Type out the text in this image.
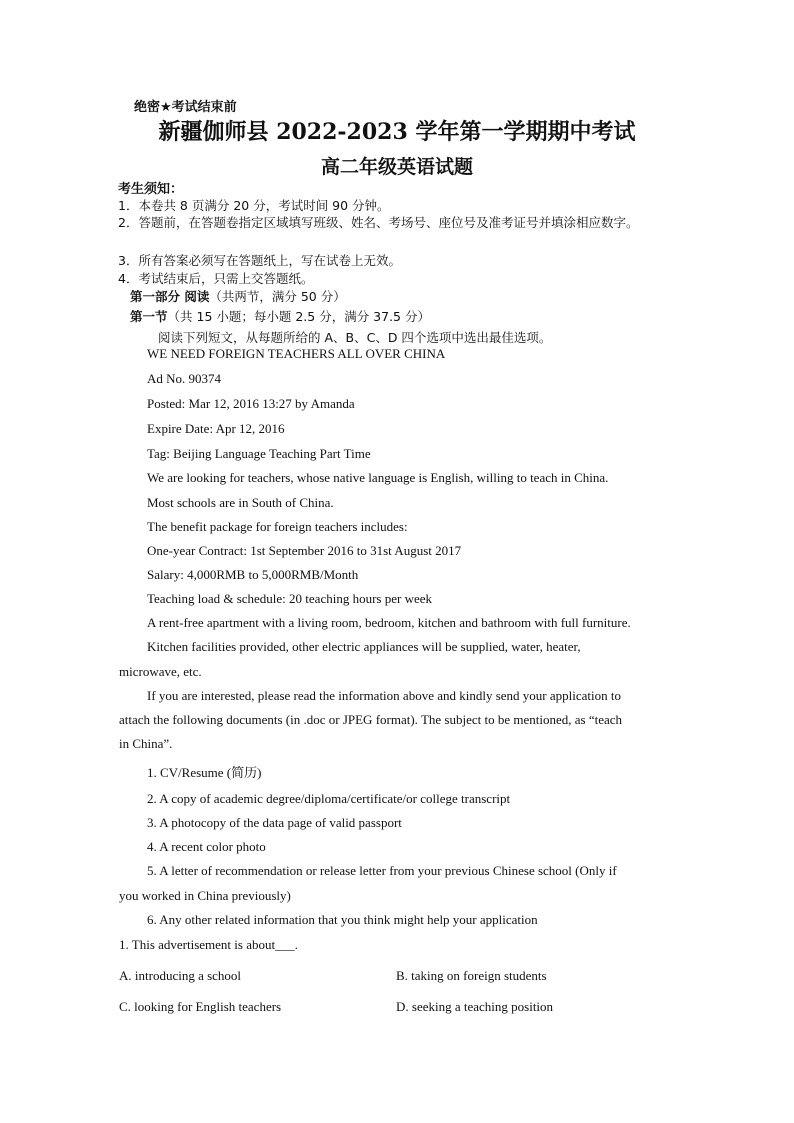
绝密★考试结束前
新疆伽师县 2022-2023 学年第一学期期中考试
高二年级英语试题
考生须知：
1．本卷共 8 页满分 20 分，考试时间 90 分钟。
2．答题前，在答题卷指定区域填写班级、姓名、考场号、座位号及准考证号并填涂相应数字。
3．所有答案必须写在答题纸上，写在试卷上无效。
4．考试结束后，只需上交答题纸。
第一部分 阅读（共两节，满分 50 分）
第一节（共 15 小题；每小题 2.5 分，满分 37.5 分）
阅读下列短文，从每题所给的 A、B、C、D 四个选项中选出最佳选项。
WE NEED FOREIGN TEACHERS ALL OVER CHINA
Ad No. 90374
Posted: Mar 12, 2016 13:27 by Amanda
Expire Date: Apr 12, 2016
Tag: Beijing Language Teaching Part Time
We are looking for teachers, whose native language is English, willing to teach in China.
Most schools are in South of China.
The benefit package for foreign teachers includes:
One-year Contract: 1st September 2016 to 31st August 2017
Salary: 4,000RMB to 5,000RMB/Month
Teaching load & schedule: 20 teaching hours per week
A rent-free apartment with a living room, bedroom, kitchen and bathroom with full furniture.
Kitchen facilities provided, other electric appliances will be supplied, water, heater,
microwave, etc.
If you are interested, please read the information above and kindly send your application to
attach the following documents (in .doc or JPEG format). The subject to be mentioned, as “teach
in China”.
1. CV/Resume (简历)
2. A copy of academic degree/diploma/certificate/or college transcript
3. A photocopy of the data page of valid passport
4. A recent color photo
5. A letter of recommendation or release letter from your previous Chinese school (Only if
you worked in China previously)
6. Any other related information that you think might help your application
1. This advertisement is about___.
A. introducing a school	B. taking on foreign students
C. looking for English teachers	D. seeking a teaching position
